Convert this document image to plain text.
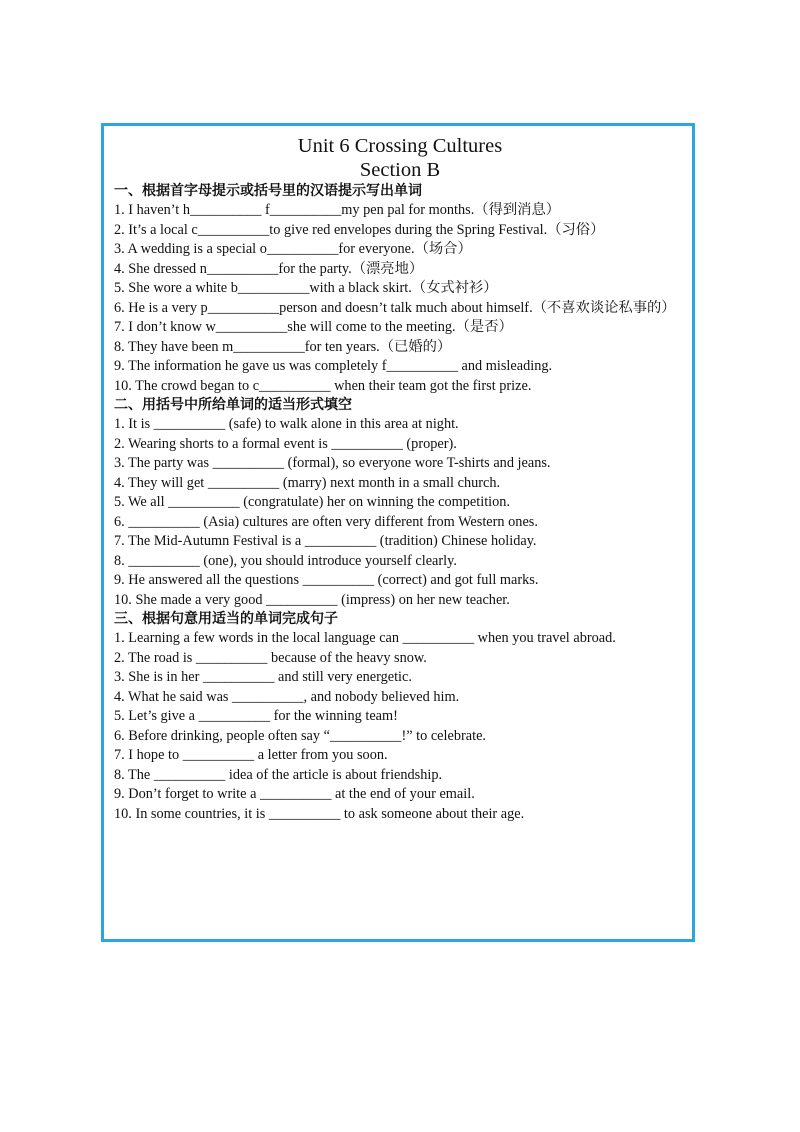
Unit 6 Crossing Cultures

Section B

一、根据首字母提示或括号里的汉语提示写出单词

1. I haven’t h__________ f__________my pen pal for months.（得到消息）

2. It’s a local c__________to give red envelopes during the Spring Festival.（习俗）

3. A wedding is a special o__________for everyone.（场合）

4. She dressed n__________for the party.（漂亮地）

5. She wore a white b__________with a black skirt.（女式衬衫）

6. He is a very p__________person and doesn’t talk much about himself.（不喜欢谈论私事的）

7. I don’t know w__________she will come to the meeting.（是否）

8. They have been m__________for ten years.（已婚的）

9. The information he gave us was completely f__________ and misleading.

10. The crowd began to c__________ when their team got the first prize.

二、用括号中所给单词的适当形式填空

1. It is __________ (safe) to walk alone in this area at night.

2. Wearing shorts to a formal event is __________ (proper).

3. The party was __________ (formal), so everyone wore T-shirts and jeans.

4. They will get __________ (marry) next month in a small church.

5. We all __________ (congratulate) her on winning the competition.

6. __________ (Asia) cultures are often very different from Western ones.

7. The Mid-Autumn Festival is a __________ (tradition) Chinese holiday.

8. __________ (one), you should introduce yourself clearly.

9. He answered all the questions __________ (correct) and got full marks.

10. She made a very good __________ (impress) on her new teacher.

三、根据句意用适当的单词完成句子

1. Learning a few words in the local language can __________ when you travel abroad.

2. The road is __________ because of the heavy snow.

3. She is in her __________ and still very energetic.

4. What he said was __________, and nobody believed him.

5. Let’s give a __________ for the winning team!

6. Before drinking, people often say “__________!” to celebrate.

7. I hope to __________ a letter from you soon.

8. The __________ idea of the article is about friendship.

9. Don’t forget to write a __________ at the end of your email.

10. In some countries, it is __________ to ask someone about their age.
